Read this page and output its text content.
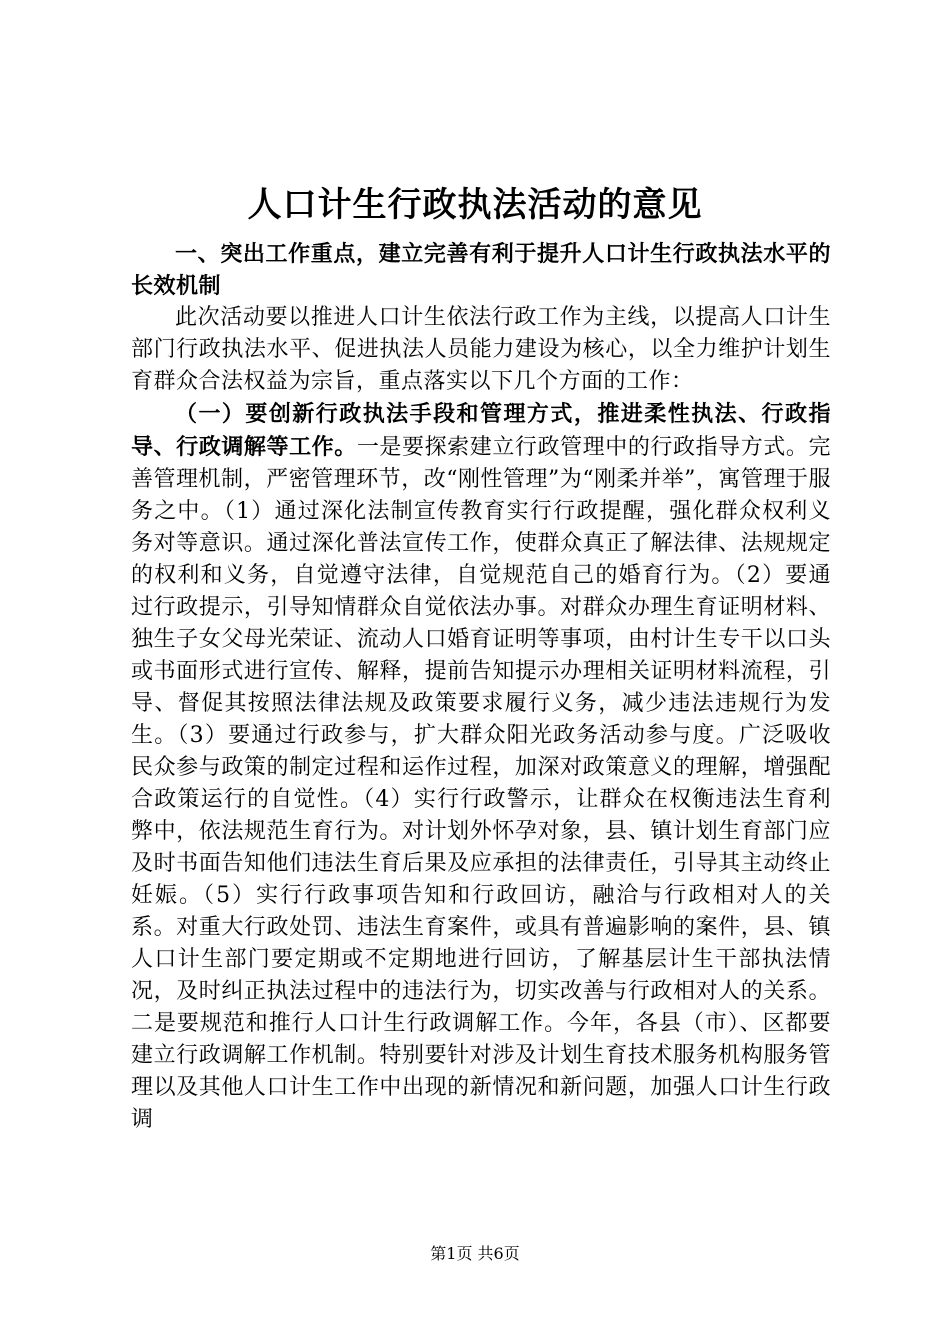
人口计生行政执法活动的意见

一、突出工作重点，建立完善有利于提升人口计生行政执法水平的长效机制

此次活动要以推进人口计生依法行政工作为主线，以提高人口计生部门行政执法水平、促进执法人员能力建设为核心，以全力维护计划生育群众合法权益为宗旨，重点落实以下几个方面的工作：

（一）要创新行政执法手段和管理方式，推进柔性执法、行政指导、行政调解等工作。一是要探索建立行政管理中的行政指导方式。完善管理机制，严密管理环节，改“刚性管理”为“刚柔并举”，寓管理于服务之中。（1）通过深化法制宣传教育实行行政提醒，强化群众权利义务对等意识。通过深化普法宣传工作，使群众真正了解法律、法规规定的权利和义务，自觉遵守法律，自觉规范自己的婚育行为。（2）要通过行政提示，引导知情群众自觉依法办事。对群众办理生育证明材料、独生子女父母光荣证、流动人口婚育证明等事项，由村计生专干以口头或书面形式进行宣传、解释，提前告知提示办理相关证明材料流程，引导、督促其按照法律法规及政策要求履行义务，减少违法违规行为发生。（3）要通过行政参与，扩大群众阳光政务活动参与度。广泛吸收民众参与政策的制定过程和运作过程，加深对政策意义的理解，增强配合政策运行的自觉性。（4）实行行政警示，让群众在权衡违法生育利弊中，依法规范生育行为。对计划外怀孕对象，县、镇计划生育部门应及时书面告知他们违法生育后果及应承担的法律责任，引导其主动终止妊娠。（5）实行行政事项告知和行政回访，融洽与行政相对人的关系。对重大行政处罚、违法生育案件，或具有普遍影响的案件，县、镇人口计生部门要定期或不定期地进行回访，了解基层计生干部执法情况，及时纠正执法过程中的违法行为，切实改善与行政相对人的关系。二是要规范和推行人口计生行政调解工作。今年，各县（市）、区都要建立行政调解工作机制。特别要针对涉及计划生育技术服务机构服务管理以及其他人口计生工作中出现的新情况和新问题，加强人口计生行政调

第1页 共6页
